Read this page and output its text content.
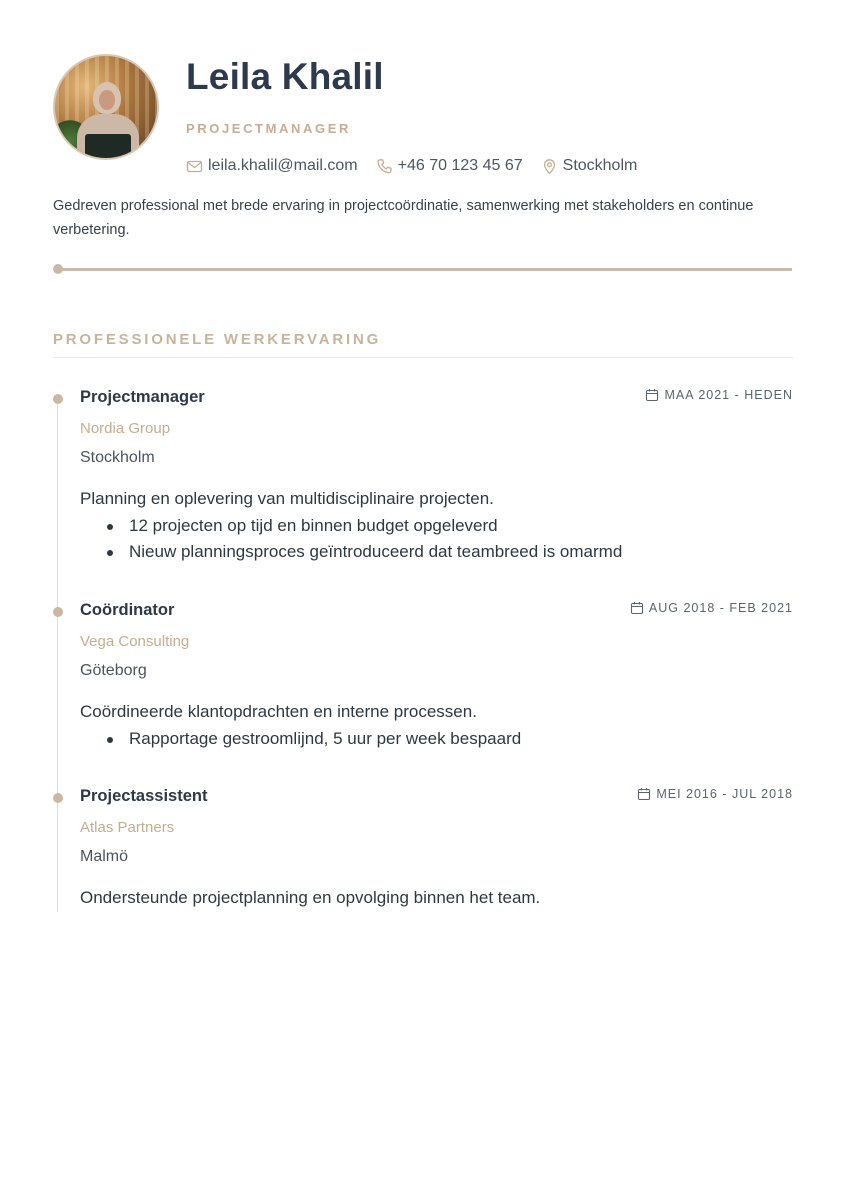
Leila Khalil
PROJECTMANAGER
leila.khalil@mail.com	+46 70 123 45 67	Stockholm
Gedreven professional met brede ervaring in projectcoördinatie, samenwerking met stakeholders en continue verbetering.
PROFESSIONELE WERKERVARING
Projectmanager	MAA 2021 - HEDEN
Nordia Group
Stockholm
Planning en oplevering van multidisciplinaire projecten.
12 projecten op tijd en binnen budget opgeleverd
Nieuw planningsproces geïntroduceerd dat teambreed is omarmd
Coördinator	AUG 2018 - FEB 2021
Vega Consulting
Göteborg
Coördineerde klantopdrachten en interne processen.
Rapportage gestroomlijnd, 5 uur per week bespaard
Projectassistent	MEI 2016 - JUL 2018
Atlas Partners
Malmö
Ondersteunde projectplanning en opvolging binnen het team.
